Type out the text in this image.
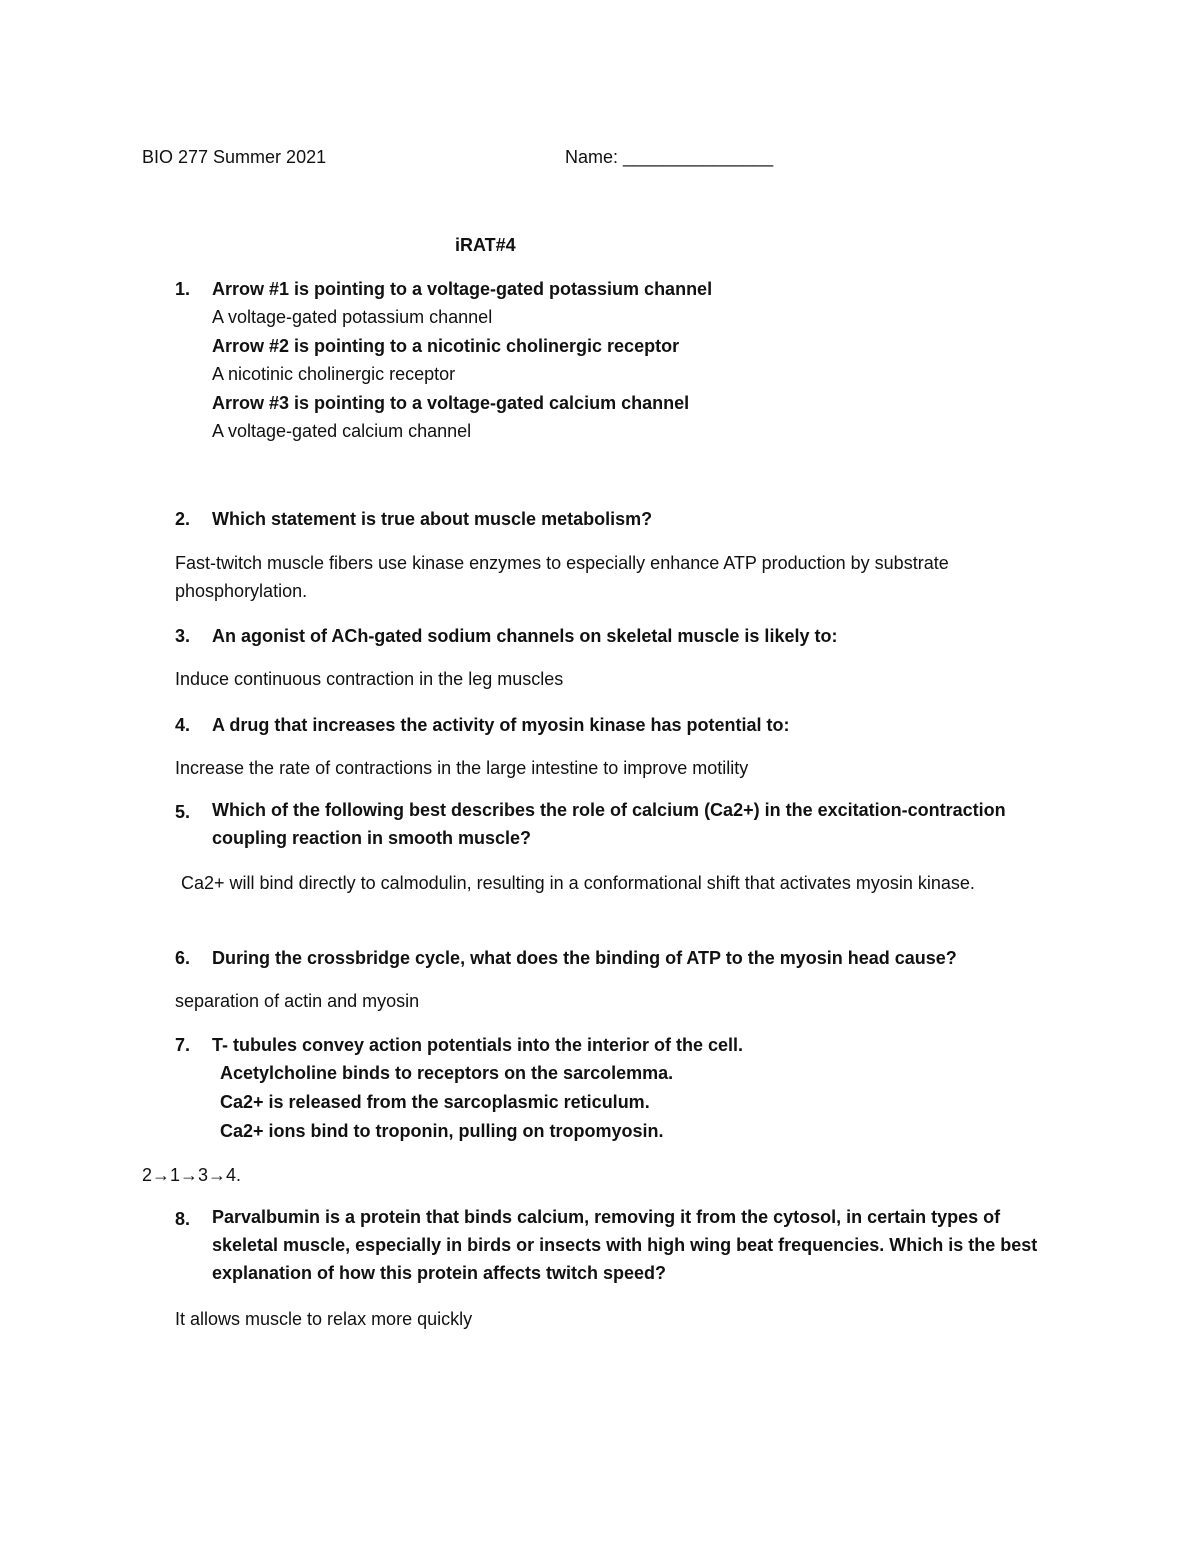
BIO 277 Summer 2021	Name: _______________
iRAT#4
1. Arrow #1 is pointing to a voltage-gated potassium channel
A voltage-gated potassium channel
Arrow #2 is pointing to a nicotinic cholinergic receptor
A nicotinic cholinergic receptor
Arrow #3 is pointing to a voltage-gated calcium channel
A voltage-gated calcium channel
2. Which statement is true about muscle metabolism?
Fast-twitch muscle fibers use kinase enzymes to especially enhance ATP production by substrate phosphorylation.
3. An agonist of ACh-gated sodium channels on skeletal muscle is likely to:
Induce continuous contraction in the leg muscles
4. A drug that increases the activity of myosin kinase has potential to:
Increase the rate of contractions in the large intestine to improve motility
5. Which of the following best describes the role of calcium (Ca2+) in the excitation-contraction coupling reaction in smooth muscle?
Ca2+ will bind directly to calmodulin, resulting in a conformational shift that activates myosin kinase.
6. During the crossbridge cycle, what does the binding of ATP to the myosin head cause?
separation of actin and myosin
7. T- tubules convey action potentials into the interior of the cell.
Acetylcholine binds to receptors on the sarcolemma.
Ca2+ is released from the sarcoplasmic reticulum.
Ca2+ ions bind to troponin, pulling on tropomyosin.
2→1→3→4.
8. Parvalbumin is a protein that binds calcium, removing it from the cytosol, in certain types of skeletal muscle, especially in birds or insects with high wing beat frequencies. Which is the best explanation of how this protein affects twitch speed?
It allows muscle to relax more quickly
